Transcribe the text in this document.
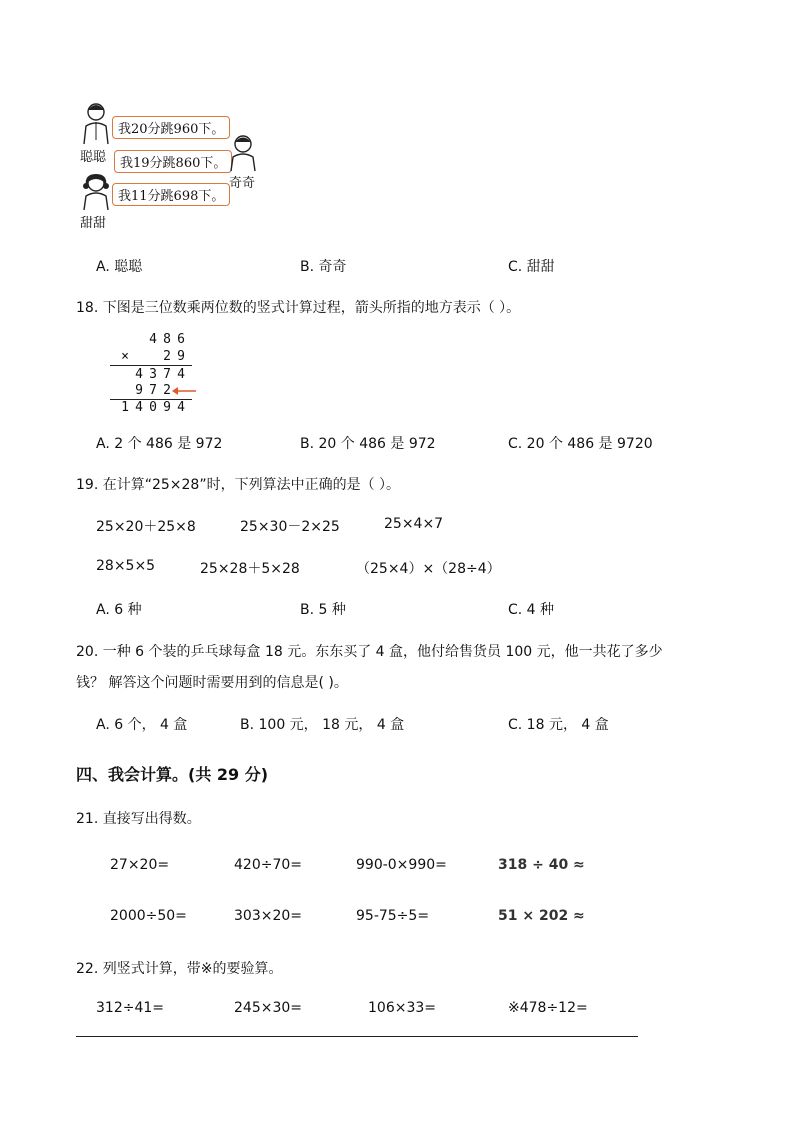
聪聪
我20分跳960下。
我19分跳860下。
我11分跳698下。
奇奇
甜甜
A. 聪聪	B. 奇奇	C. 甜甜
18. 下图是三位数乘两位数的竖式计算过程，箭头所指的地方表示（ ）。
4 8 6
×	2 9
4 3 7 4
9 7 2
1 4 0 9 4
A. 2 个 486 是 972	B. 20 个 486 是 972	C. 20 个 486 是 9720
19. 在计算“25×28”时，下列算法中正确的是（ ）。
25×20＋25×8	25×30－2×25	25×4×7
28×5×5	25×28＋5×28	（25×4）×（28÷4）
A. 6 种	B. 5 种	C. 4 种
20. 一种 6 个装的乒乓球每盒 18 元。东东买了 4 盒，他付给售货员 100 元，他一共花了多少
钱？ 解答这个问题时需要用到的信息是( )。
A. 6 个， 4 盒	B. 100 元， 18 元， 4 盒	C. 18 元， 4 盒
四、我会计算。(共 29 分)
21. 直接写出得数。
27×20=	420÷70=	990-0×990=	318 ÷ 40 ≈
2000÷50=	303×20=	95-75÷5=	51 × 202 ≈
22. 列竖式计算，带※的要验算。
312÷41=	245×30=	106×33=	※478÷12=
